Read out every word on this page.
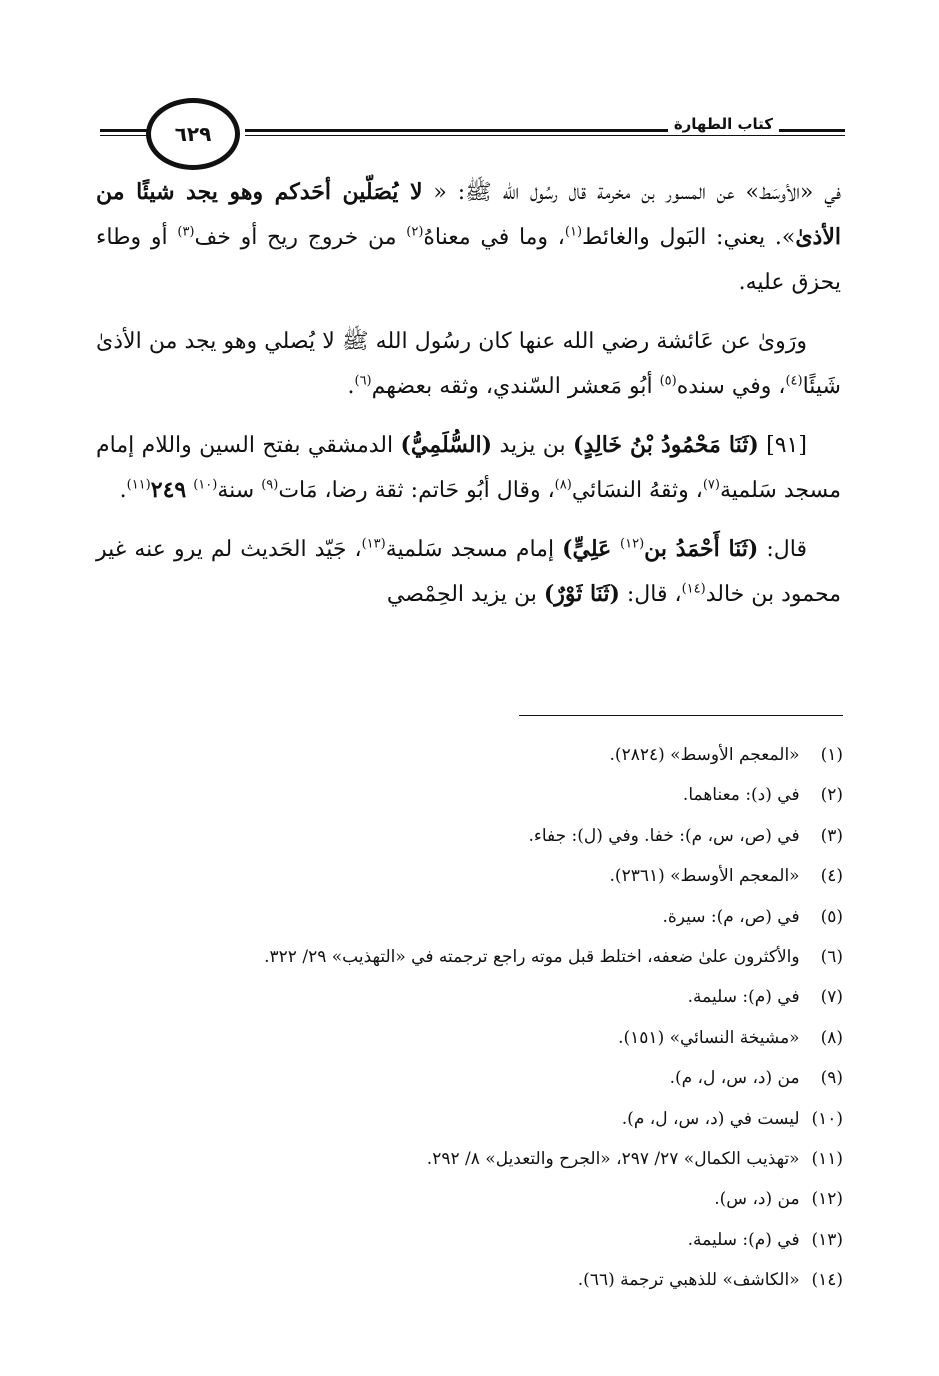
كتاب الطهارة
٦٢٩

في «الأوسَط» عن المسور بن مخرمة قال رسُول الله ﷺ: « لا يُصَلّين أحَدكم وهو يجد شيئًا من الأذىٰ». يعني: البَول والغائط$^{(١)}$، وما في معناهُ$^{(٢)}$ من خروج ريح أو خف$^{(٣)}$ أو وطاء يحزق عليه.

ورَوىٰ عن عَائشة رضي الله عنها كان رسُول الله ﷺ لا يُصلي وهو يجد من الأذىٰ شَيئًا$^{(٤)}$، وفي سنده$^{(٥)}$ أبُو مَعشر السّندي، وثقه بعضهم$^{(٦)}$.

[٩١] (ثَنَا مَحْمُودُ بْنُ خَالِدٍ) بن يزيد (السُّلَمِيُّ) الدمشقي بفتح السين واللام إمام مسجد سَلمية$^{(٧)}$، وثقهُ النسَائي$^{(٨)}$، وقال أبُو حَاتم: ثقة رضا، مَات$^{(٩)}$ سنة$^{(١٠)}$ ٢٤٩$^{(١١)}$.

قال: (ثَنَا أَحْمَدُ بن$^{(١٢)}$ عَلِيٍّ) إمام مسجد سَلمية$^{(١٣)}$، جَيّد الحَديث لم يرو عنه غير محمود بن خالد$^{(١٤)}$، قال: (ثَنَا ثَوْرٌ) بن يزيد الحِمْصي

(١) «المعجم الأوسط» (٢٨٢٤).
(٢) في (د): معناهما.
(٣) في (ص، س، م): خفا. وفي (ل): جفاء.
(٤) «المعجم الأوسط» (٢٣٦١).
(٥) في (ص، م): سيرة.
(٦) والأكثرون علىٰ ضعفه، اختلط قبل موته راجع ترجمته في «التهذيب» ٢٩/ ٣٢٢.
(٧) في (م): سليمة.
(٨) «مشيخة النسائي» (١٥١).
(٩) من (د، س، ل، م).
(١٠) ليست في (د، س، ل، م).
(١١) «تهذيب الكمال» ٢٧/ ٢٩٧، «الجرح والتعديل» ٨/ ٢٩٢.
(١٢) من (د، س).
(١٣) في (م): سليمة.
(١٤) «الكاشف» للذهبي ترجمة (٦٦).
